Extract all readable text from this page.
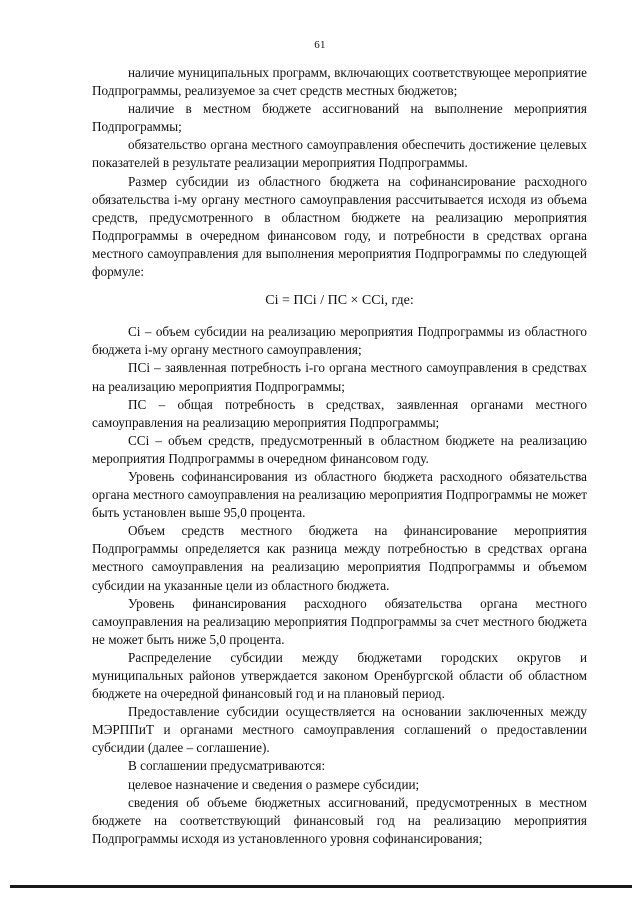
61

наличие муниципальных программ, включающих соответствующее мероприятие Подпрограммы, реализуемое за счет средств местных бюджетов;

наличие в местном бюджете ассигнований на выполнение мероприятия Подпрограммы;

обязательство органа местного самоуправления обеспечить достижение целевых показателей в результате реализации мероприятия Подпрограммы.

Размер субсидии из областного бюджета на софинансирование расходного обязательства i-му органу местного самоуправления рассчитывается исходя из объема средств, предусмотренного в областном бюджете на реализацию мероприятия Подпрограммы в очередном финансовом году, и потребности в средствах органа местного самоуправления для выполнения мероприятия Подпрограммы по следующей формуле:

Ci = ПCi / ПC × CCi, где:

Ci – объем субсидии на реализацию мероприятия Подпрограммы из областного бюджета i-му органу местного самоуправления;

ПCi – заявленная потребность i-го органа местного самоуправления в средствах на реализацию мероприятия Подпрограммы;

ПC – общая потребность в средствах, заявленная органами местного самоуправления на реализацию мероприятия Подпрограммы;

CCi – объем средств, предусмотренный в областном бюджете на реализацию мероприятия Подпрограммы в очередном финансовом году.

Уровень софинансирования из областного бюджета расходного обязательства органа местного самоуправления на реализацию мероприятия Подпрограммы не может быть установлен выше 95,0 процента.

Объем средств местного бюджета на финансирование мероприятия Подпрограммы определяется как разница между потребностью в средствах органа местного самоуправления на реализацию мероприятия Подпрограммы и объемом субсидии на указанные цели из областного бюджета.

Уровень финансирования расходного обязательства органа местного самоуправления на реализацию мероприятия Подпрограммы за счет местного бюджета не может быть ниже 5,0 процента.

Распределение субсидии между бюджетами городских округов и муниципальных районов утверждается законом Оренбургской области об областном бюджете на очередной финансовый год и на плановый период.

Предоставление субсидии осуществляется на основании заключенных между МЭРППиТ и органами местного самоуправления соглашений о предоставлении субсидии (далее – соглашение).

В соглашении предусматриваются:

целевое назначение и сведения о размере субсидии;

сведения об объеме бюджетных ассигнований, предусмотренных в местном бюджете на соответствующий финансовый год на реализацию мероприятия Подпрограммы исходя из установленного уровня софинансирования;
